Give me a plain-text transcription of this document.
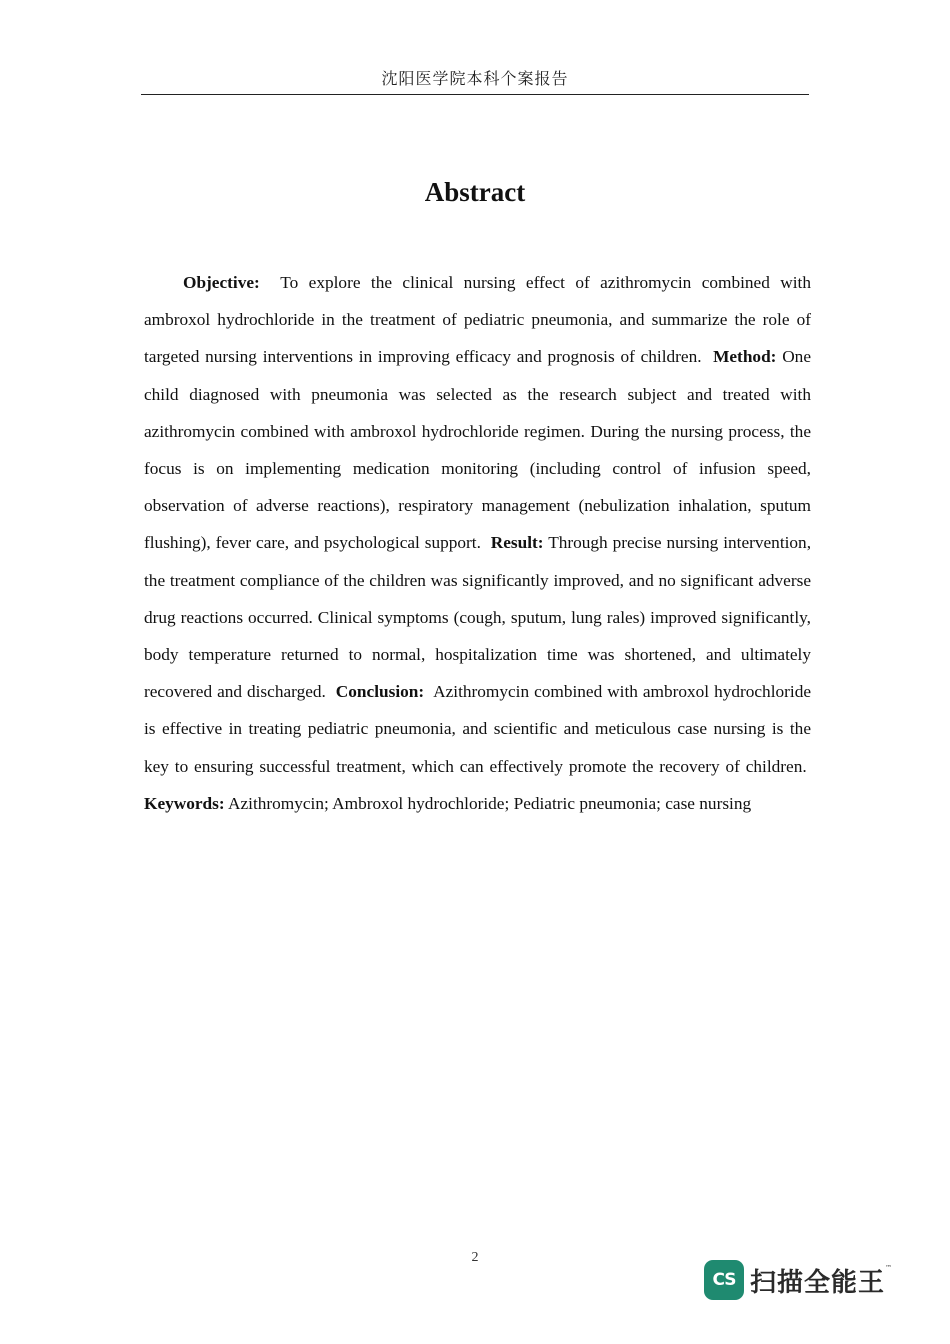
沈阳医学院本科个案报告
Abstract

Objective: To explore the clinical nursing effect of azithromycin combined with ambroxol hydrochloride in the treatment of pediatric pneumonia, and summarize the role of targeted nursing interventions in improving efficacy and prognosis of children. Method: One child diagnosed with pneumonia was selected as the research subject and treated with azithromycin combined with ambroxol hydrochloride regimen. During the nursing process, the focus is on implementing medication monitoring (including control of infusion speed, observation of adverse reactions), respiratory management (nebulization inhalation, sputum flushing), fever care, and psychological support. Result: Through precise nursing intervention, the treatment compliance of the children was significantly improved, and no significant adverse drug reactions occurred. Clinical symptoms (cough, sputum, lung rales) improved significantly, body temperature returned to normal, hospitalization time was shortened, and ultimately recovered and discharged. Conclusion: Azithromycin combined with ambroxol hydrochloride is effective in treating pediatric pneumonia, and scientific and meticulous case nursing is the key to ensuring successful treatment, which can effectively promote the recovery of children.  Keywords: Azithromycin; Ambroxol hydrochloride; Pediatric pneumonia; case nursing

2
CS 扫描全能王 ™
